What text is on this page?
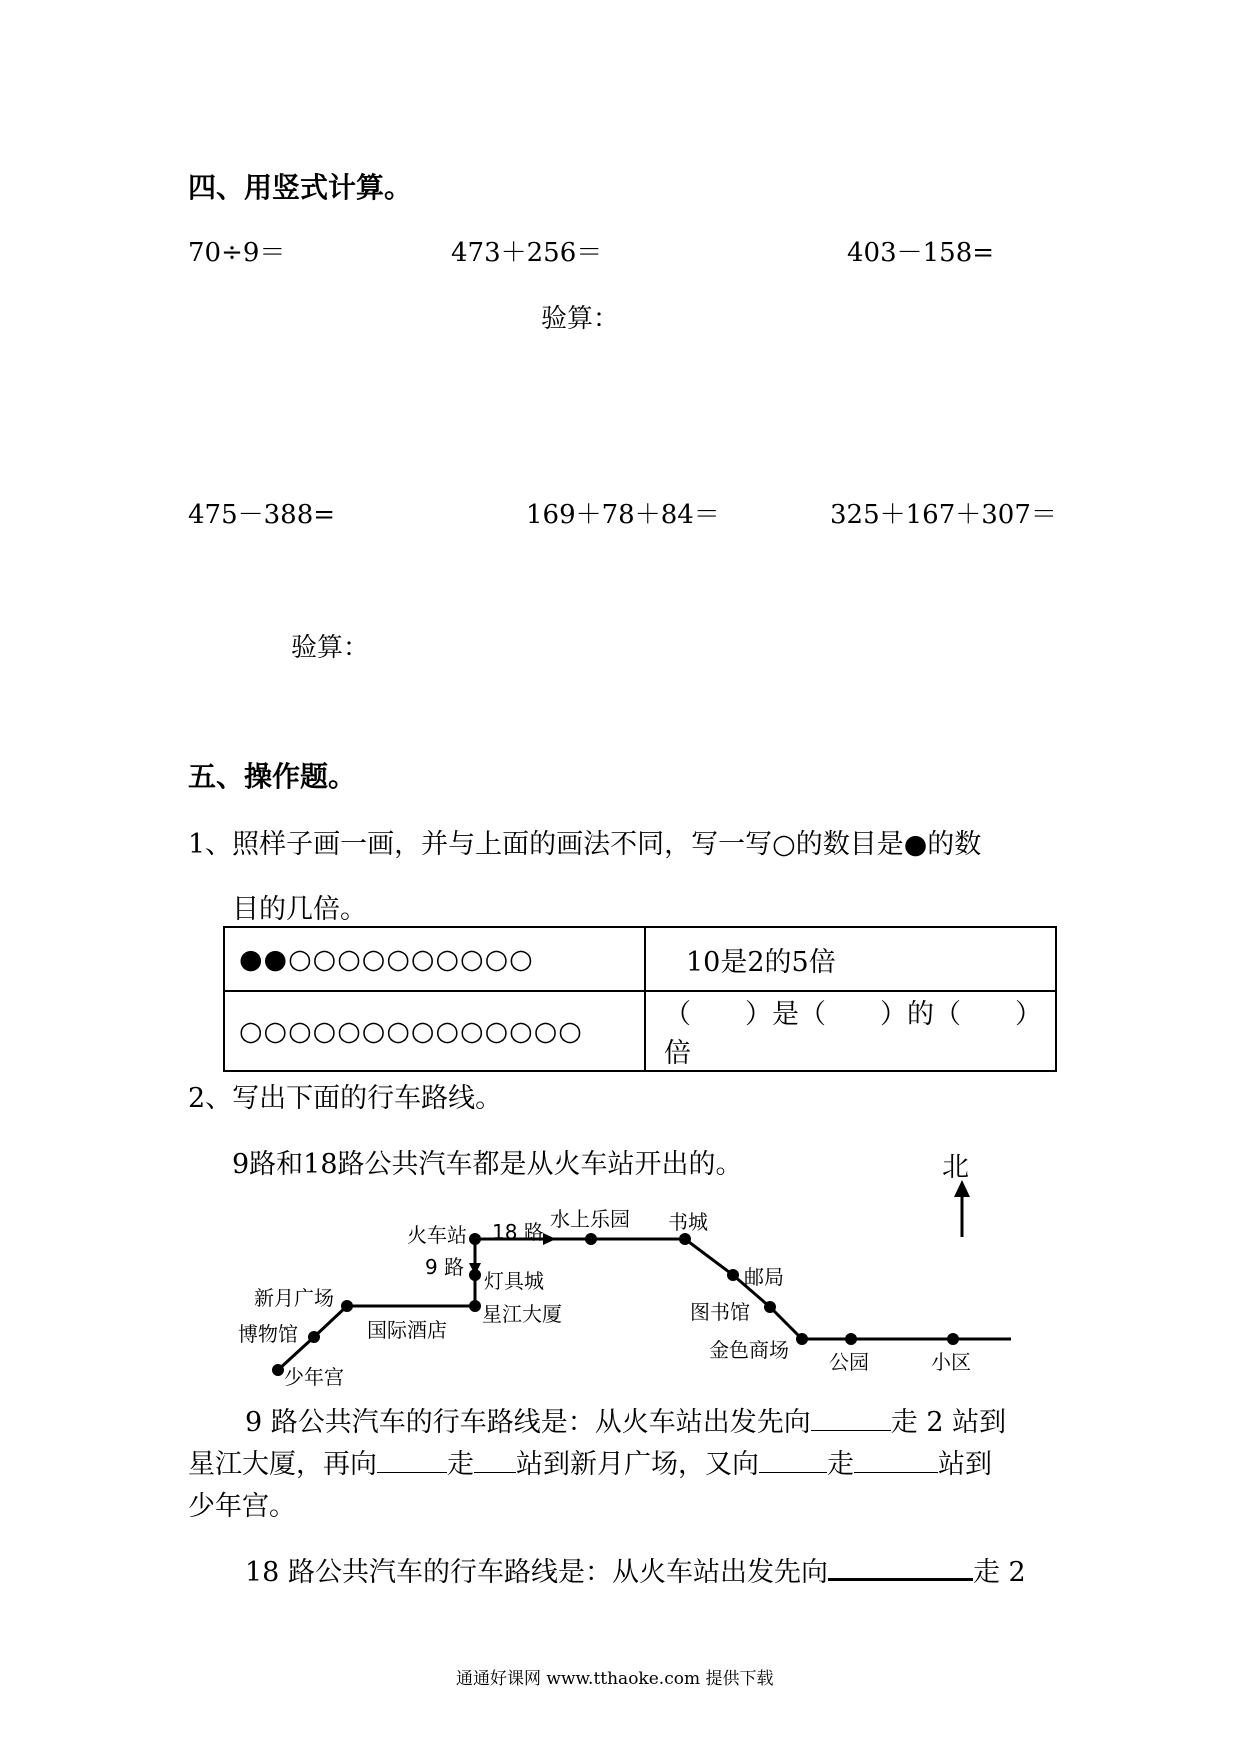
四、用竖式计算。
70÷9＝	473＋256＝	403－158=
验算：
475－388=	169＋78＋84＝	325＋167＋307＝
验算：
五、操作题。
1、照样子画一画，并与上面的画法不同，写一写○的数目是●的数
目的几倍。
●●○○○○○○○○○○	10是2的5倍
○○○○○○○○○○○○○○	（　　）是（　　）的（　　）倍
2、写出下面的行车路线。
9路和18路公共汽车都是从火车站开出的。	北
火车站 18 路
水上乐园 书城
9 路
灯具城	邮局
新月广场
星江大厦
国际酒店
图书馆
博物馆
金色商场 公园	小区
少年宫
9 路公共汽车的行车路线是：从火车站出发先向	走 2 站到
星江大厦，再向	走 站到新月广场，又向	走	站到
少年宫。
18 路公共汽车的行车路线是：从火车站出发先向	走 2
通通好课网 www.tthaoke.com 提供下载
